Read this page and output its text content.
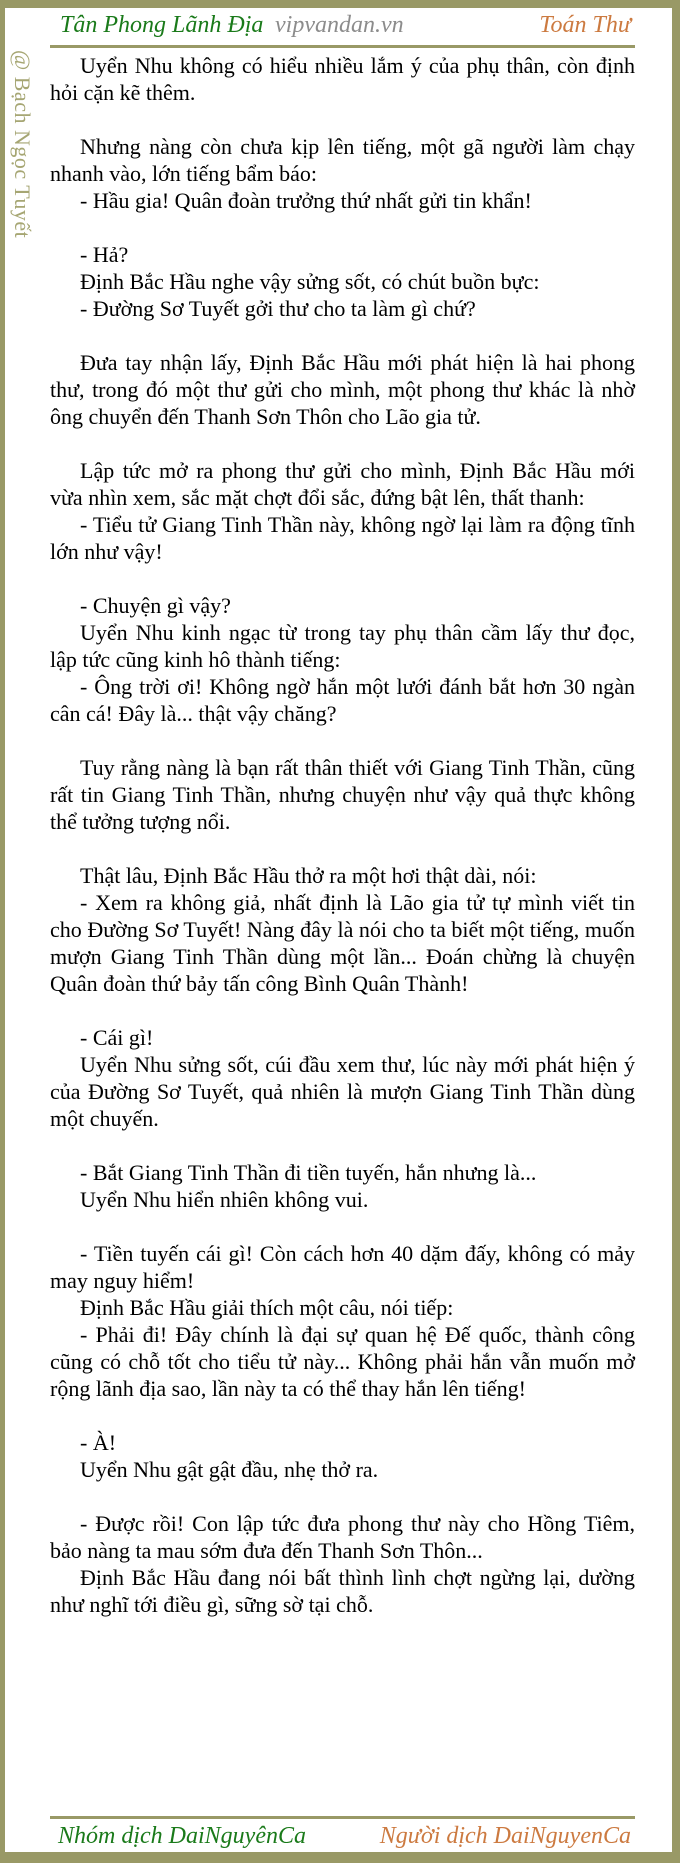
Tân Phong Lãnh Địa vipvandan.vn	Toán Thư
@ Bạch Ngọc Tuyết	Uyển Nhu không có hiểu nhiều lắm ý của phụ thân, còn định hỏi cặn kẽ thêm.

Nhưng nàng còn chưa kịp lên tiếng, một gã người làm chạy nhanh vào, lớn tiếng bẩm báo:

- Hầu gia! Quân đoàn trưởng thứ nhất gửi tin khẩn!

- Hả?

Định Bắc Hầu nghe vậy sửng sốt, có chút buồn bực:

- Đường Sơ Tuyết gởi thư cho ta làm gì chứ?

Đưa tay nhận lấy, Định Bắc Hầu mới phát hiện là hai phong thư, trong đó một thư gửi cho mình, một phong thư khác là nhờ ông chuyển đến Thanh Sơn Thôn cho Lão gia tử.

Lập tức mở ra phong thư gửi cho mình, Định Bắc Hầu mới vừa nhìn xem, sắc mặt chợt đổi sắc, đứng bật lên, thất thanh:

- Tiểu tử Giang Tinh Thần này, không ngờ lại làm ra động tĩnh lớn như vậy!

- Chuyện gì vậy?

Uyển Nhu kinh ngạc từ trong tay phụ thân cầm lấy thư đọc, lập tức cũng kinh hô thành tiếng:

- Ông trời ơi! Không ngờ hắn một lưới đánh bắt hơn 30 ngàn cân cá! Đây là... thật vậy chăng?

Tuy rằng nàng là bạn rất thân thiết với Giang Tinh Thần, cũng rất tin Giang Tinh Thần, nhưng chuyện như vậy quả thực không thể tưởng tượng nổi.

Thật lâu, Định Bắc Hầu thở ra một hơi thật dài, nói:

- Xem ra không giả, nhất định là Lão gia tử tự mình viết tin cho Đường Sơ Tuyết! Nàng đây là nói cho ta biết một tiếng, muốn mượn Giang Tinh Thần dùng một lần... Đoán chừng là chuyện Quân đoàn thứ bảy tấn công Bình Quân Thành!

- Cái gì!

Uyển Nhu sửng sốt, cúi đầu xem thư, lúc này mới phát hiện ý của Đường Sơ Tuyết, quả nhiên là mượn Giang Tinh Thần dùng một chuyến.

- Bắt Giang Tinh Thần đi tiền tuyến, hắn nhưng là...

Uyển Nhu hiển nhiên không vui.

- Tiền tuyến cái gì! Còn cách hơn 40 dặm đấy, không có mảy may nguy hiểm!

Định Bắc Hầu giải thích một câu, nói tiếp:

- Phải đi! Đây chính là đại sự quan hệ Đế quốc, thành công cũng có chỗ tốt cho tiểu tử này... Không phải hắn vẫn muốn mở rộng lãnh địa sao, lần này ta có thể thay hắn lên tiếng!

- À!

Uyển Nhu gật gật đầu, nhẹ thở ra.

- Được rồi! Con lập tức đưa phong thư này cho Hồng Tiêm, bảo nàng ta mau sớm đưa đến Thanh Sơn Thôn...

Định Bắc Hầu đang nói bất thình lình chợt ngừng lại, dường như nghĩ tới điều gì, sững sờ tại chỗ.

Nhóm dịch DaiNguyênCa	Người dịch DaiNguyenCa
